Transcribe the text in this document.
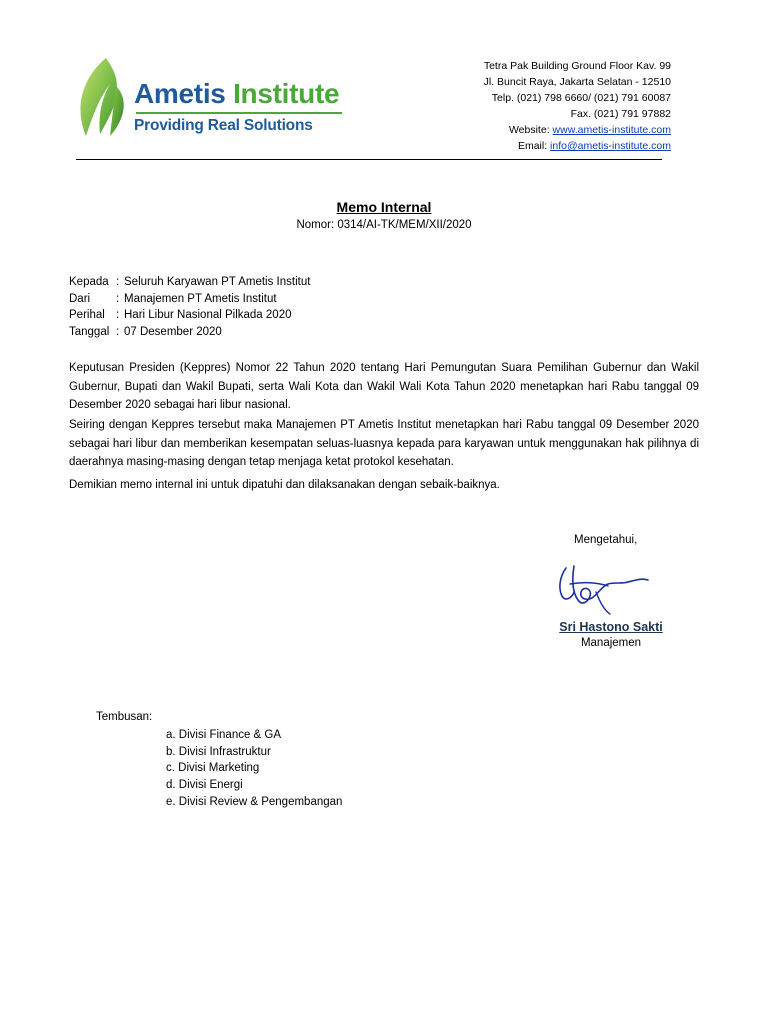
Ametis Institute
Providing Real Solutions
Tetra Pak Building Ground Floor Kav. 99
Jl. Buncit Raya, Jakarta Selatan - 12510
Telp. (021) 798 6660/ (021) 791 60087
Fax. (021) 791 97882
Website: www.ametis-institute.com
Email: info@ametis-institute.com
Memo Internal
Nomor: 0314/AI-TK/MEM/XII/2020
Kepada : Seluruh Karyawan PT Ametis Institut
Dari	: Manajemen PT Ametis Institut
Perihal : Hari Libur Nasional Pilkada 2020
Tanggal : 07 Desember 2020

Keputusan Presiden (Keppres) Nomor 22 Tahun 2020 tentang Hari Pemungutan Suara Pemilihan Gubernur dan Wakil Gubernur, Bupati dan Wakil Bupati, serta Wali Kota dan Wakil Wali Kota Tahun 2020 menetapkan hari Rabu tanggal 09 Desember 2020 sebagai hari libur nasional.

Seiring dengan Keppres tersebut maka Manajemen PT Ametis Institut menetapkan hari Rabu tanggal 09 Desember 2020 sebagai hari libur dan memberikan kesempatan seluas-luasnya kepada para karyawan untuk menggunakan hak pilihnya di daerahnya masing-masing dengan tetap menjaga ketat protokol kesehatan.

Demikian memo internal ini untuk dipatuhi dan dilaksanakan dengan sebaik-baiknya.

Mengetahui,
Sri Hastono Sakti
Manajemen
Tembusan:
a. Divisi Finance & GA
b. Divisi Infrastruktur
c. Divisi Marketing
d. Divisi Energi
e. Divisi Review & Pengembangan
